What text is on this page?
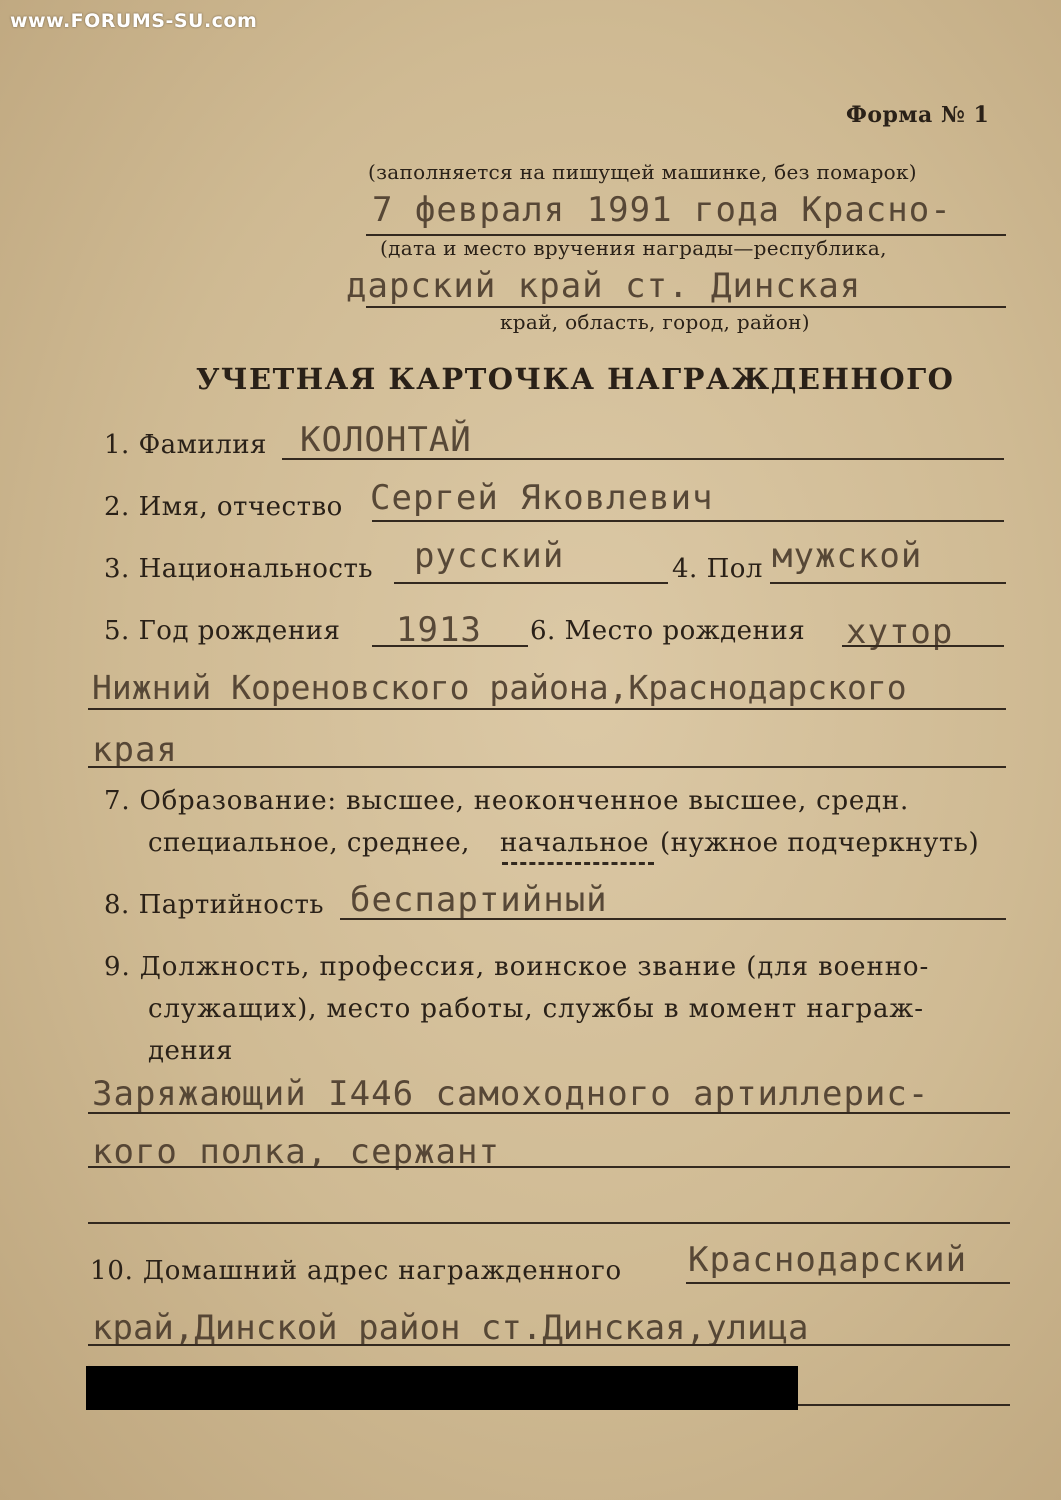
www.FORUMS-SU.com
Форма № 1
(заполняется на пишущей машинке, без помарок)
7 февраля 1991 года Красно-
(дата и место вручения награды—республика,
дарский край ст. Динская
край, область, город, район)
УЧЕТНАЯ КАРТОЧКА НАГРАЖДЕННОГО
1. Фамилия КОЛОНТАЙ
2. Имя, отчество Сергей Яковлевич
3. Национальность русский	4. Пол мужской
5. Год рождения 1913 6. Место рождения хутор
Нижний Кореновского района,Краснодарского
края
7. Образование: высшее, неоконченное высшее, средн.
специальное, среднее, начальное (нужное подчеркнуть)
8. Партийность беспартийный
9. Должность, профессия, воинское звание (для военно-
служащих), место работы, службы в момент награж-
дения
Заряжающий I446 самоходного артиллерис-
кого полка, сержант
10. Домашний адрес награжденного Краснодарский
край,Динской район ст.Динская,улица
